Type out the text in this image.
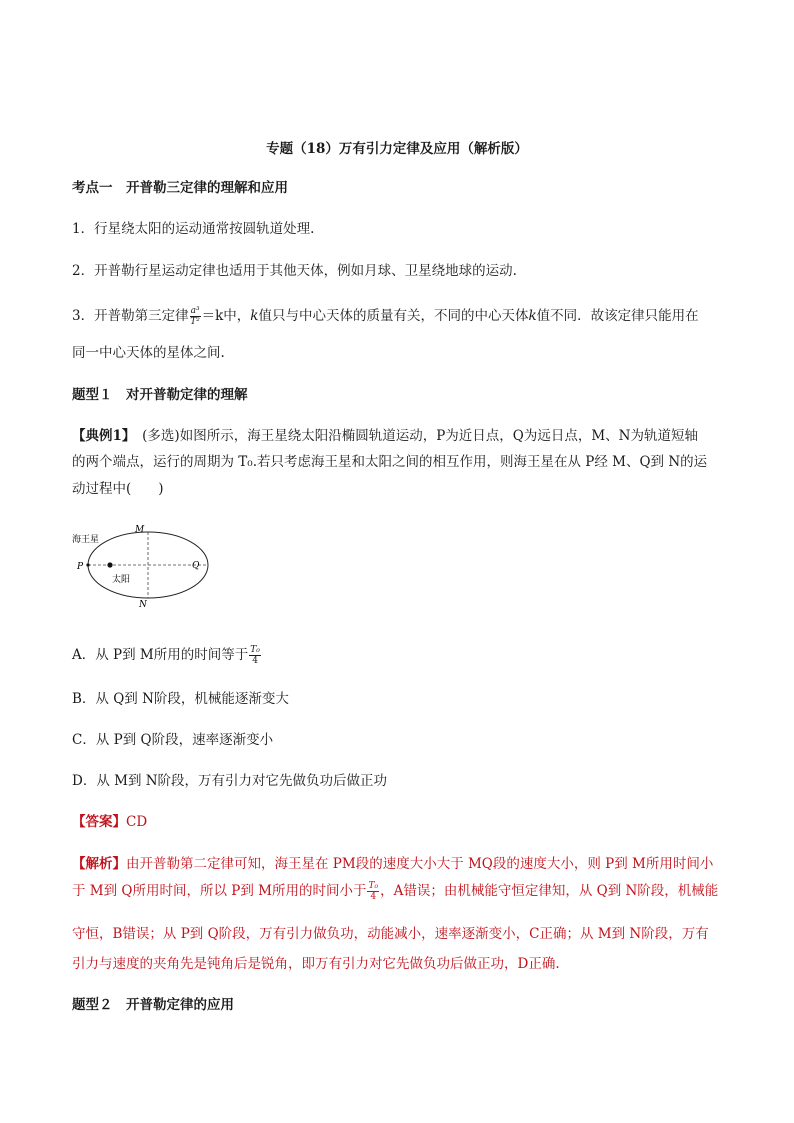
专题（18）万有引力定律及应用（解析版）
考点一　开普勒三定律的理解和应用
1．行星绕太阳的运动通常按圆轨道处理.
2．开普勒行星运动定律也适用于其他天体，例如月球、卫星绕地球的运动.
3．开普勒第三定律 $\frac{\text{a³}}{\text{T²}} =k$中，k值只与中心天体的质量有关，不同的中心天体k值不同．故该定律只能用在
同一中心天体的星体之间.
题型１　对开普勒定律的理解
【典例1】　(多选)如图所示，海王星绕太阳沿椭圆轨道运动，P为近日点，Q为远日点，M、N为轨道短轴
的两个端点，运行的周期为 T₀.若只考虑海王星和太阳之间的相互作用，则海王星在从 P经 M、Q到 N的运
动过程中(　　)
海王星
M
P	Q
N
太阳
A．从 P到 M所用的时间等于 $\frac{\text{T₀}}{4}$
B．从 Q到 N阶段，机械能逐渐变大
C．从 P到 Q阶段，速率逐渐变小
D．从 M到 N阶段，万有引力对它先做负功后做正功
【答案】CD
【解析】由开普勒第二定律可知，海王星在 PM段的速度大小大于 MQ段的速度大小，则 P到 M所用时间小
于 M到 Q所用时间，所以 P到 M所用的时间小于 $\frac{\text{T₀}}{4}$ ，A错误；由机械能守恒定律知，从 Q到 N阶段，机械能
守恒，B错误；从 P到 Q阶段，万有引力做负功，动能减小，速率逐渐变小，C正确；从 M到 N阶段，万有
引力与速度的夹角先是钝角后是锐角，即万有引力对它先做负功后做正功，D正确.
题型２　开普勒定律的应用
